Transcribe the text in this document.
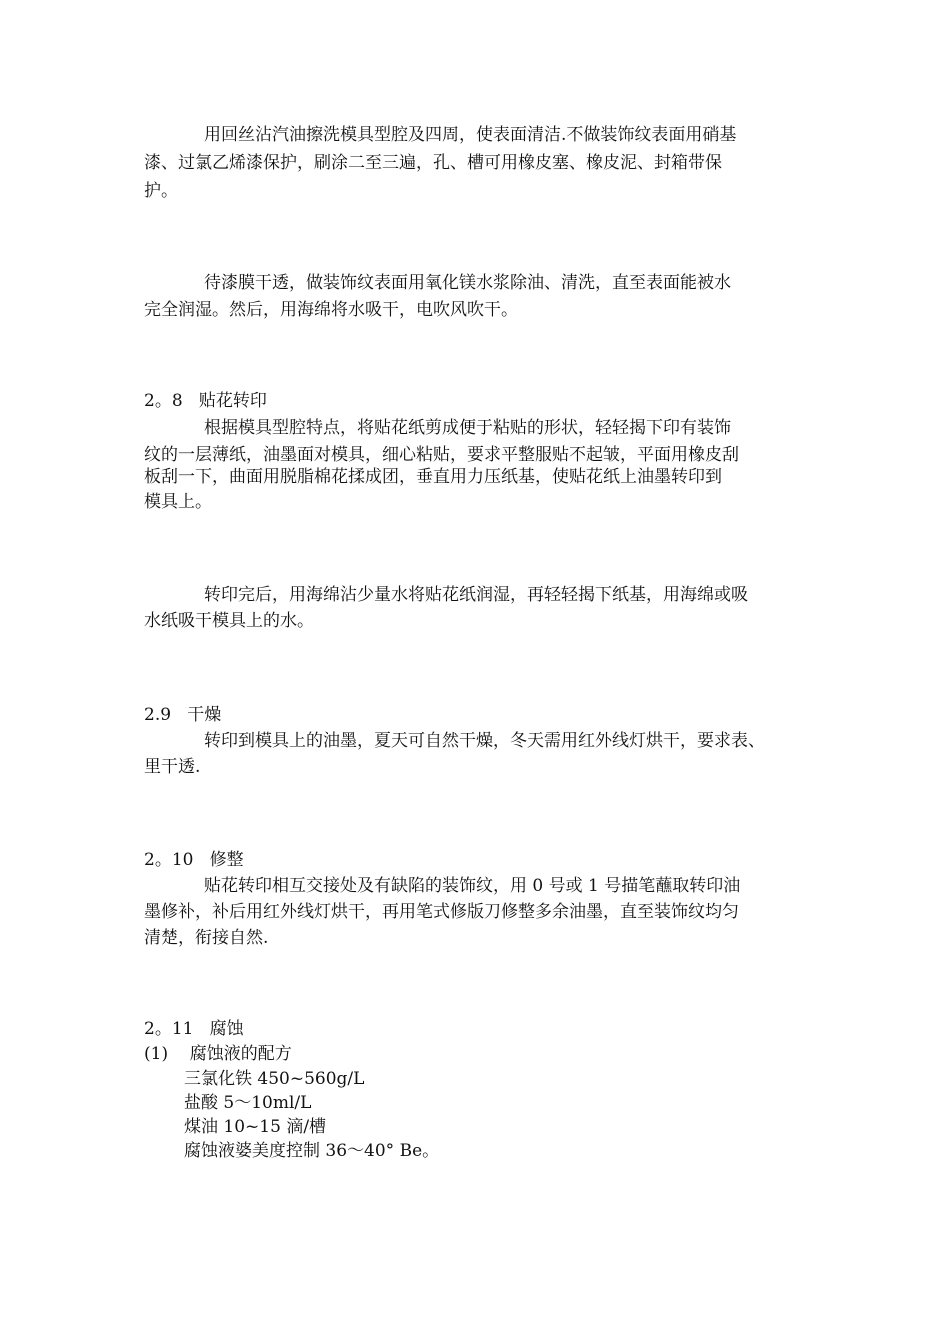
用回丝沾汽油擦洗模具型腔及四周，使表面清洁.不做装饰纹表面用硝基
漆、过氯乙烯漆保护，刷涂二至三遍，孔、槽可用橡皮塞、橡皮泥、封箱带保
护。
待漆膜干透，做装饰纹表面用氧化镁水浆除油、清洗，直至表面能被水
完全润湿。然后，用海绵将水吸干，电吹风吹干。
2。8   贴花转印
根据模具型腔特点，将贴花纸剪成便于粘贴的形状，轻轻揭下印有装饰
纹的一层薄纸，油墨面对模具，细心粘贴，要求平整服贴不起皱，平面用橡皮刮
板刮一下，曲面用脱脂棉花揉成团，垂直用力压纸基，使贴花纸上油墨转印到
模具上。
转印完后，用海绵沾少量水将贴花纸润湿，再轻轻揭下纸基，用海绵或吸
水纸吸干模具上的水。
2.9   干燥
转印到模具上的油墨，夏天可自然干燥，冬天需用红外线灯烘干，要求表、
里干透.
2。10   修整
贴花转印相互交接处及有缺陷的装饰纹，用 0 号或 1 号描笔蘸取转印油
墨修补，补后用红外线灯烘干，再用笔式修版刀修整多余油墨，直至装饰纹均匀
清楚，衔接自然.
2。11   腐蚀
(1)    腐蚀液的配方
三氯化铁 450~560g/L
盐酸 5～10ml/L
煤油 10~15 滴/槽
腐蚀液婆美度控制 36～40° Be。
